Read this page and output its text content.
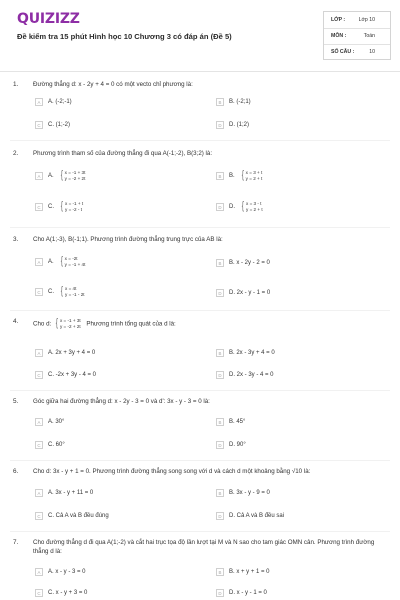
QUIZIZZ
Đề kiểm tra 15 phút Hình học 10 Chương 3 có đáp án (Đề 5)
LỚP :	Lớp 10
MÔN :	Toán
SỐ CÂU :	10
1. Đường thẳng d: x - 2y + 4 = 0 có một vecto chỉ phương là:
A A. (-2;-1)	B B. (-2;1)
C C. (1;-2)	D D. (1;2)
2. Phương trình tham số của đường thẳng đi qua A(-1;-2), B(3;2) là:
A A.
{ x = -1 + 3t
y = -2 + 2t	B B.
{ x = 3 + t
y = 2 + t
C C.
{ x = -1 + t
y = -2 - t	D D.
{ x = 3 - t
y = 2 + t
3. Cho A(1;-3), B(-1;1). Phương trình đường thẳng trung trực của AB là:
A A.
{ x = -2t
y = -1 + 4t	B B. x - 2y - 2 = 0
C C.
{ x = 4t
y = -1 - 2t	D D. 2x - y - 1 = 0
4. Cho d:
{ x = -1 + 3t
y = -2 + 2t Phương trình tổng quát của d là:
A A. 2x + 3y + 4 = 0	B B. 2x - 3y + 4 = 0
C C. -2x + 3y - 4 = 0	D D. 2x - 3y - 4 = 0
5. Góc giữa hai đường thẳng d: x - 2y - 3 = 0 và d': 3x - y - 3 = 0 là:
A A. 30°	B B. 45°
C C. 60°	D D. 90°
6. Cho d: 3x - y + 1 = 0. Phương trình đường thẳng song song với d và cách d một khoảng bằng √10 là:
A A. 3x - y + 11 = 0	B B. 3x - y - 9 = 0
C C. Cả A và B đều đúng	D D. Cả A và B đều sai
7. Cho đường thẳng d đi qua A(1;-2) và cắt hai trục tọa độ lần lượt tại M và N sao cho tam giác OMN cân. Phương trình đường thẳng d là:
A A. x - y - 3 = 0	B B. x + y + 1 = 0
C C. x - y + 3 = 0	D D. x - y - 1 = 0
